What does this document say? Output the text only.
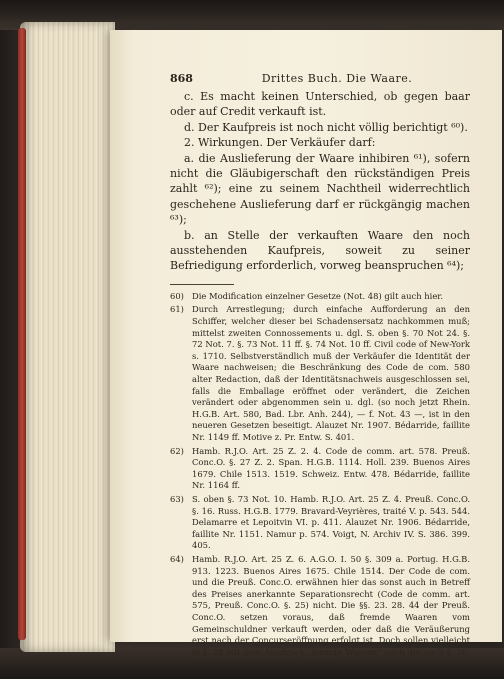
868	Drittes Buch. Die Waare.

c. Es macht keinen Unterschied, ob gegen baar oder auf Credit verkauft ist.

d. Der Kaufpreis ist noch nicht völlig berichtigt ⁶⁰).

2. Wirkungen. Der Verkäufer darf:

a. die Auslieferung der Waare inhibiren ⁶¹), sofern nicht die Gläubigerschaft den rückständigen Preis zahlt ⁶²); eine zu seinem Nachtheil widerrechtlich geschehene Auslieferung darf er rückgängig machen ⁶³);

b. an Stelle der verkauften Waare den noch ausstehenden Kaufpreis, soweit zu seiner Befriedigung erforderlich, vorweg beanspruchen ⁶⁴);

60) Die Modification einzelner Gesetze (Not. 48) gilt auch hier.

61) Durch Arrestlegung; durch einfache Aufforderung an den Schiffer, welcher dieser bei Schadensersatz nachkommen muß; mittelst zweiten Connossements u. dgl. S. oben §. 70 Not 24. §. 72 Not. 7. §. 73 Not. 11 ff. §. 74 Not. 10 ff. Civil code of New-York s. 1710. Selbstverständlich muß der Verkäufer die Identität der Waare nachweisen; die Beschränkung des Code de com. 580 alter Redaction, daß der Identitätsnachweis ausgeschlossen sei, falls die Emballage eröffnet oder verändert, die Zeichen verändert oder abgenommen sein u. dgl. (so noch jetzt Rhein. H.G.B. Art. 580, Bad. Lbr. Anh. 244), — f. Not. 43 —, ist in den neueren Gesetzen beseitigt. Alauzet Nr. 1907. Bédarride, faillite Nr. 1149 ff. Motive z. Pr. Entw. S. 401.

62) Hamb. R.J.O. Art. 25 Z. 2. 4. Code de comm. art. 578. Preuß. Conc.O. §. 27 Z. 2. Span. H.G.B. 1114. Holl. 239. Buenos Aires 1679. Chile 1513. 1519. Schweiz. Entw. 478. Bédarride, faillite Nr. 1164 ff.

63) S. oben §. 73 Not. 10. Hamb. R.J.O. Art. 25 Z. 4. Preuß. Conc.O. §. 16. Russ. H.G.B. 1779. Bravard-Veyrières, traité V. p. 543. 544. Delamarre et Lepoitvin VI. p. 411. Alauzet Nr. 1906. Bédarride, faillite Nr. 1151. Namur p. 574. Voigt, N. Archiv IV. S. 386. 399. 405.

64) Hamb. R.J.O. Art. 25 Z. 6. A.G.O. I. 50 §. 309 a. Portug. H.G.B. 913. 1223. Buenos Aires 1675. Chile 1514. Der Code de com. und die Preuß. Conc.O. erwähnen hier das sonst auch in Betreff des Preises anerkannte Separationsrecht (Code de comm. art. 575, Preuß. Conc.O. §. 25) nicht. Die §§. 23. 28. 44 der Preuß. Conc.O. setzen voraus, daß fremde Waaren vom Gemeinschuldner verkauft werden, oder daß die Veräußerung erst nach der Concurseröffnung erfolgt ist. Doch sollen vielleicht in §. 28 mit dem Ausdruck „fremde Waaren“ auch die nach §. 26. 27 separabeln bezeichnet werden.
